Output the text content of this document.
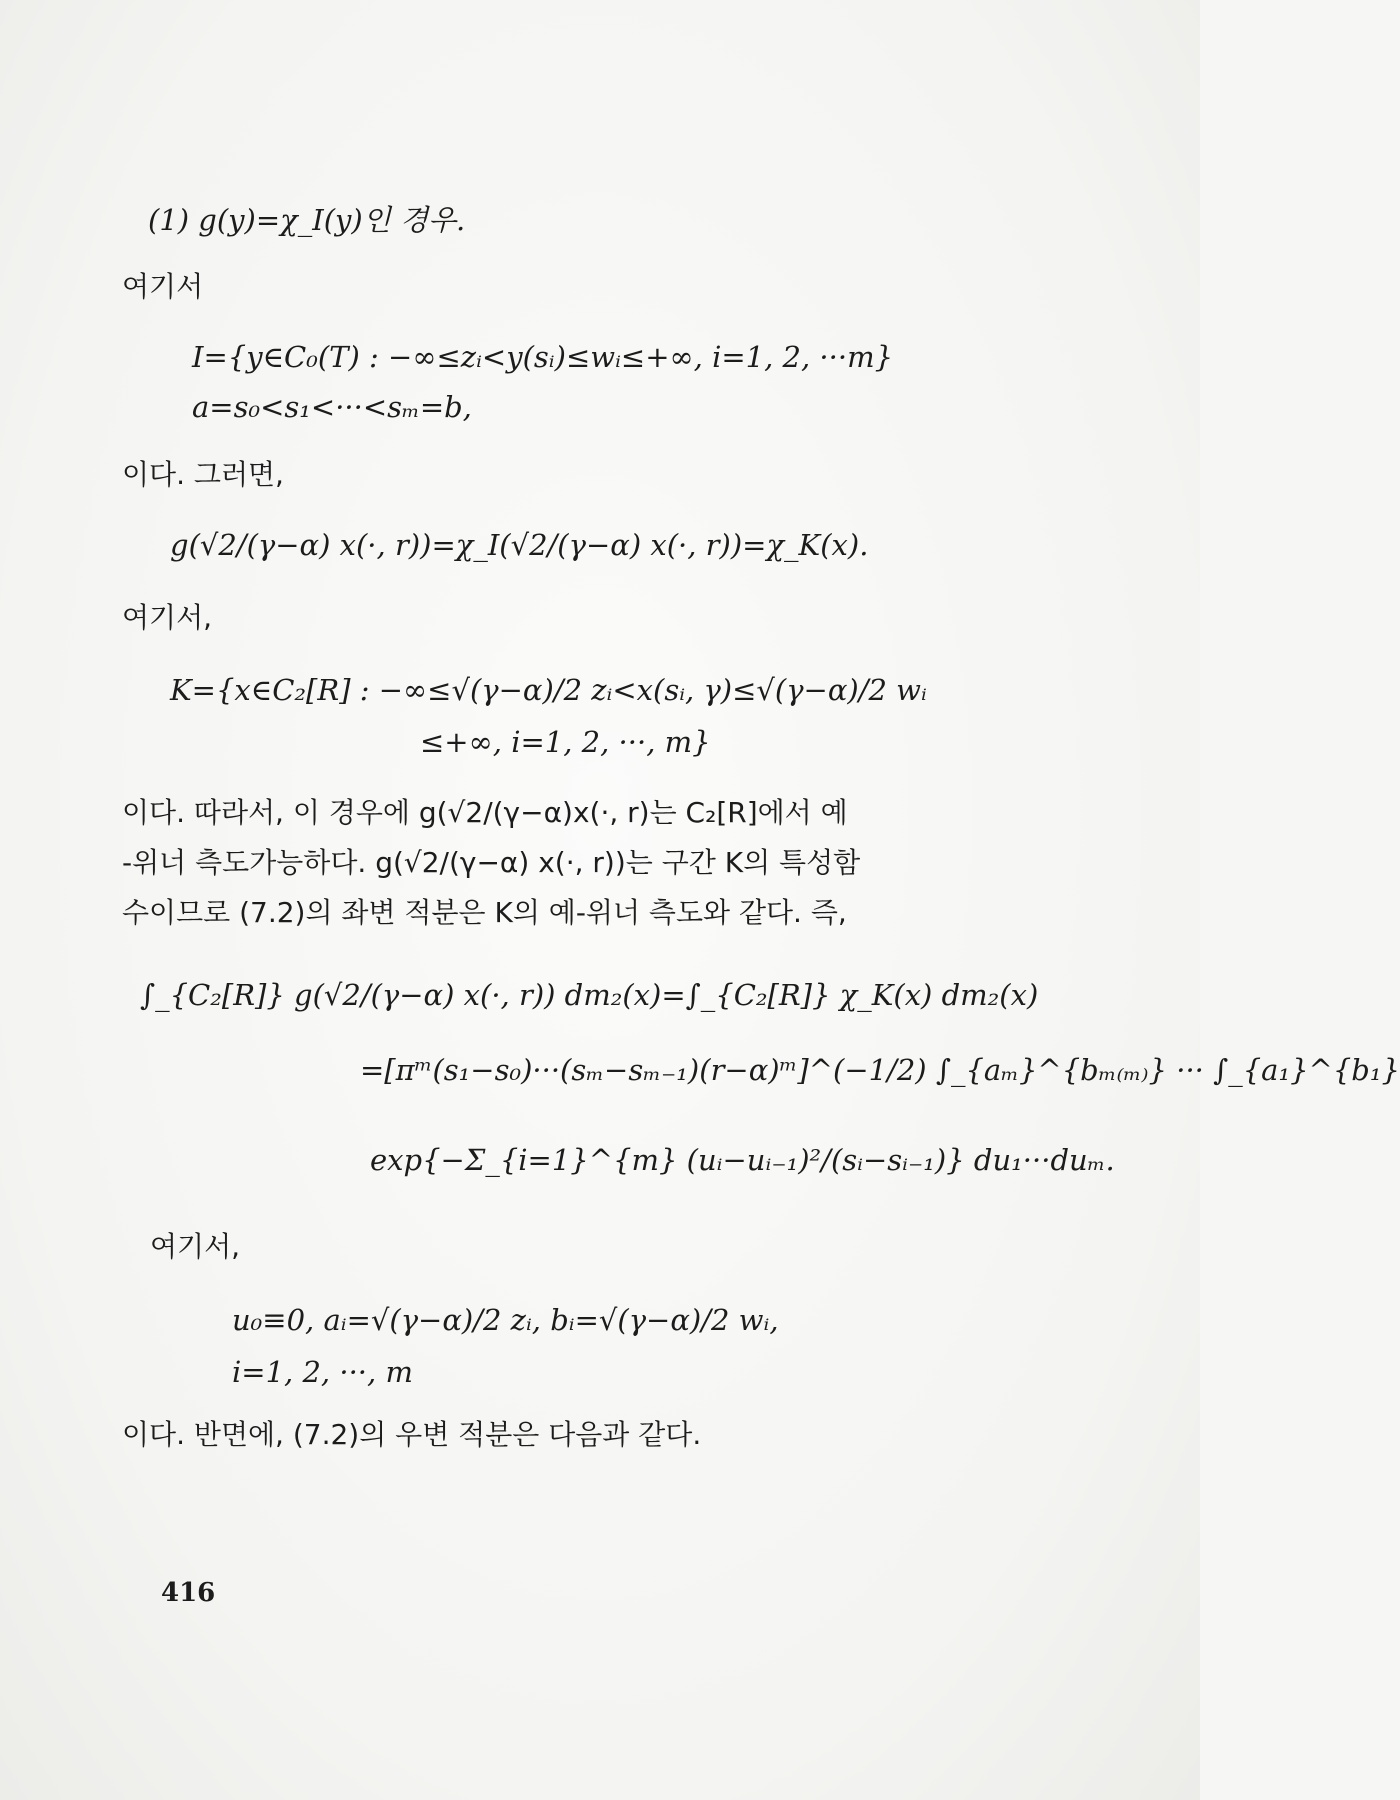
(1) g(y)=χ_I(y)인 경우.
여기서
I={y∈C₀(T) : −∞≤zᵢ<y(sᵢ)≤wᵢ≤+∞, i=1, 2, ···m}
a=s₀<s₁<···<sₘ=b,
이다. 그러면,
g(√2/(γ−α) x(·, r))=χ_I(√2/(γ−α) x(·, r))=χ_K(x).
여기서,
K={x∈C₂[R] : −∞≤√(γ−α)/2 zᵢ<x(sᵢ, γ)≤√(γ−α)/2 wᵢ
≤+∞, i=1, 2, ···, m}
이다. 따라서, 이 경우에 g(√2/(γ−α)x(·, r)는 C₂[R]에서 예
-위너 측도가능하다. g(√2/(γ−α) x(·, r))는 구간 K의 특성함
수이므로 (7.2)의 좌변 적분은 K의 예-위너 측도와 같다. 즉,
∫_{C₂[R]} g(√2/(γ−α) x(·, r)) dm₂(x)=∫_{C₂[R]} χ_K(x) dm₂(x)
=[πᵐ(s₁−s₀)···(sₘ−sₘ₋₁)(r−α)ᵐ]^(−1/2) ∫_{aₘ}^{bₘ₍ₘ₎} ··· ∫_{a₁}^{b₁}
exp{−Σ_{i=1}^{m} (uᵢ−uᵢ₋₁)²/(sᵢ−sᵢ₋₁)} du₁···duₘ.
여기서,
u₀≡0, aᵢ=√(γ−α)/2 zᵢ, bᵢ=√(γ−α)/2 wᵢ,
i=1, 2, ···, m
이다. 반면에, (7.2)의 우변 적분은 다음과 같다.
416
